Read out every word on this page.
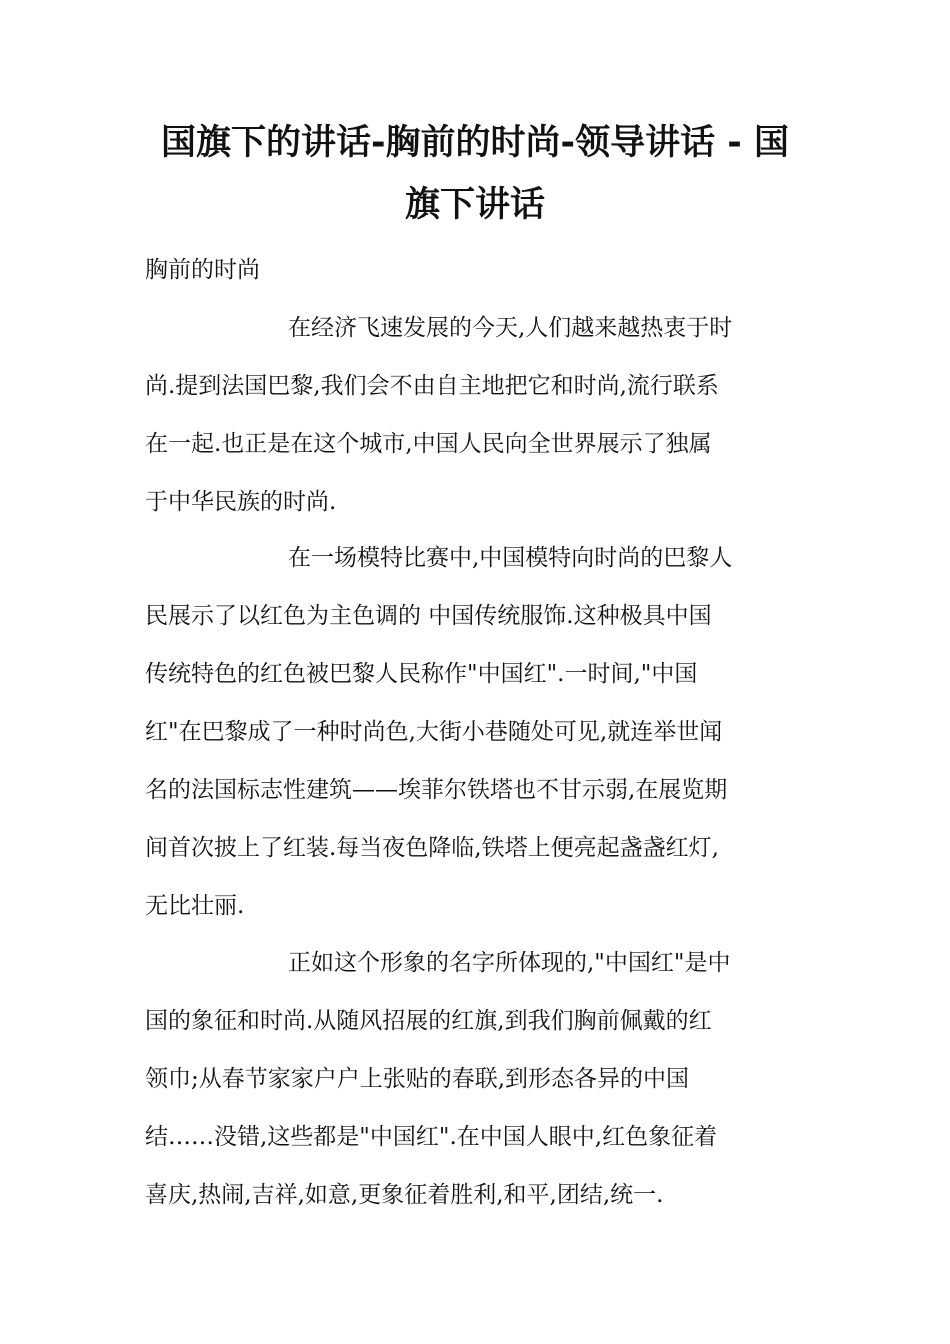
国旗下的讲话-胸前的时尚-领导讲话 - 国
旗下讲话

胸前的时尚

在经济飞速发展的今天,人们越来越热衷于时
尚.提到法国巴黎,我们会不由自主地把它和时尚,流行联系
在一起.也正是在这个城市,中国人民向全世界展示了独属
于中华民族的时尚.
在一场模特比赛中,中国模特向时尚的巴黎人
民展示了以红色为主色调的 中国传统服饰.这种极具中国
传统特色的红色被巴黎人民称作"中国红".一时间,"中国
红"在巴黎成了一种时尚色,大街小巷随处可见,就连举世闻
名的法国标志性建筑——埃菲尔铁塔也不甘示弱,在展览期
间首次披上了红装.每当夜色降临,铁塔上便亮起盏盏红灯,
无比壮丽.
正如这个形象的名字所体现的,"中国红"是中
国的象征和时尚.从随风招展的红旗,到我们胸前佩戴的红
领巾;从春节家家户户上张贴的春联,到形态各异的中国
结……没错,这些都是"中国红".在中国人眼中,红色象征着
喜庆,热闹,吉祥,如意,更象征着胜利,和平,团结,统一.
